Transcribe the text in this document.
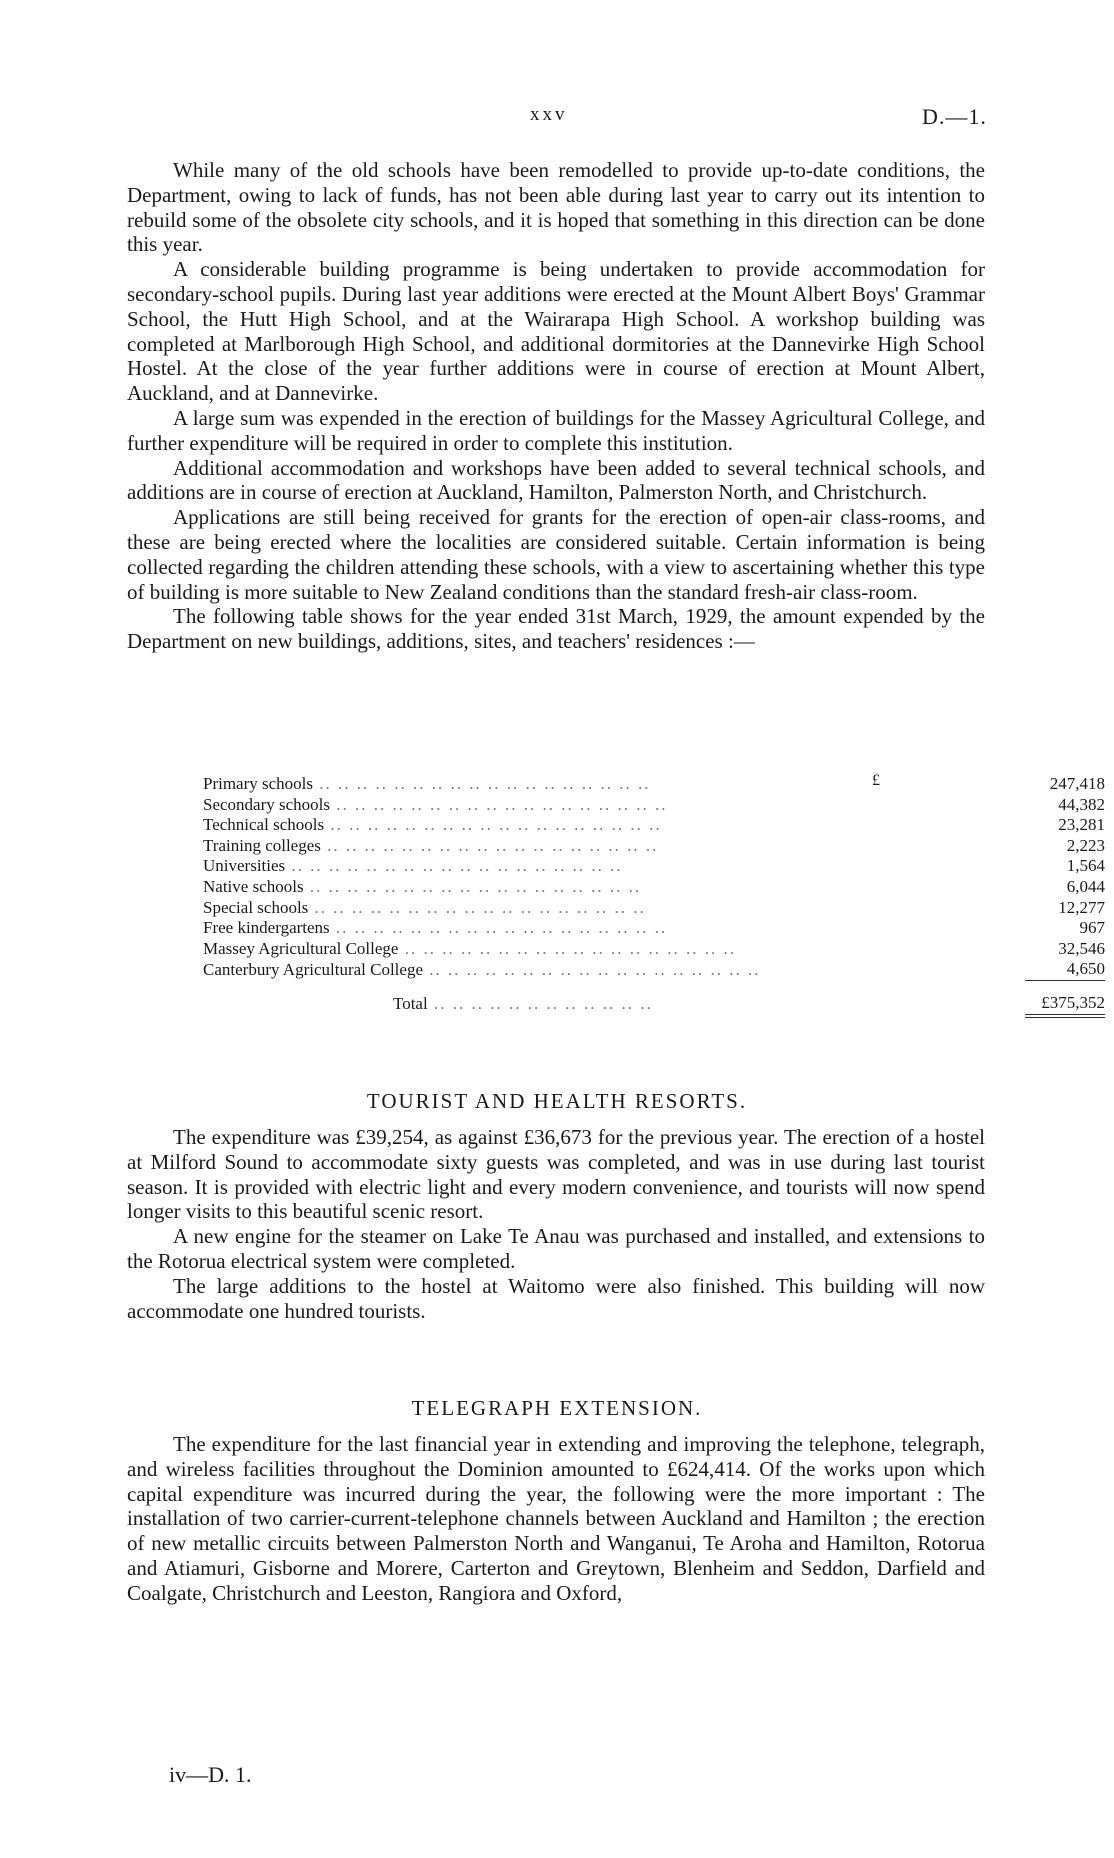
xxv	D.—1.

While many of the old schools have been remodelled to provide up-to-date conditions, the Department, owing to lack of funds, has not been able during last year to carry out its intention to rebuild some of the obsolete city schools, and it is hoped that something in this direction can be done this year.

A considerable building programme is being undertaken to provide accommodation for secondary-school pupils. During last year additions were erected at the Mount Albert Boys' Grammar School, the Hutt High School, and at the Wairarapa High School. A workshop building was completed at Marlborough High School, and additional dormitories at the Dannevirke High School Hostel. At the close of the year further additions were in course of erection at Mount Albert, Auckland, and at Dannevirke.

A large sum was expended in the erection of buildings for the Massey Agricultural College, and further expenditure will be required in order to complete this institution.

Additional accommodation and workshops have been added to several technical schools, and additions are in course of erection at Auckland, Hamilton, Palmerston North, and Christchurch.

Applications are still being received for grants for the erection of open-air class-rooms, and these are being erected where the localities are considered suitable. Certain information is being collected regarding the children attending these schools, with a view to ascertaining whether this type of building is more suitable to New Zealand conditions than the standard fresh-air class-room.

The following table shows for the year ended 31st March, 1929, the amount expended by the Department on new buildings, additions, sites, and teachers' residences :—

£
Primary schools .. .. .. .. .. .. .. .. .. .. .. .. .. .. .. .. .. ..	247,418
Secondary schools .. .. .. .. .. .. .. .. .. .. .. .. .. .. .. .. .. ..	44,382
Technical schools .. .. .. .. .. .. .. .. .. .. .. .. .. .. .. .. .. ..	23,281
Training colleges .. .. .. .. .. .. .. .. .. .. .. .. .. .. .. .. .. ..	2,223
Universities .. .. .. .. .. .. .. .. .. .. .. .. .. .. .. .. .. ..	1,564
Native schools .. .. .. .. .. .. .. .. .. .. .. .. .. .. .. .. .. ..	6,044
Special schools .. .. .. .. .. .. .. .. .. .. .. .. .. .. .. .. .. ..	12,277
Free kindergartens .. .. .. .. .. .. .. .. .. .. .. .. .. .. .. .. .. ..	967
Massey Agricultural College .. .. .. .. .. .. .. .. .. .. .. .. .. .. .. .. .. ..	32,546
Canterbury Agricultural College .. .. .. .. .. .. .. .. .. .. .. .. .. .. .. .. .. ..	4,650
Total .. .. .. .. .. .. .. .. .. .. .. ..	£375,352
TOURIST AND HEALTH RESORTS.

The expenditure was £39,254, as against £36,673 for the previous year. The erection of a hostel at Milford Sound to accommodate sixty guests was completed, and was in use during last tourist season. It is provided with electric light and every modern convenience, and tourists will now spend longer visits to this beautiful scenic resort.

A new engine for the steamer on Lake Te Anau was purchased and installed, and extensions to the Rotorua electrical system were completed.

The large additions to the hostel at Waitomo were also finished. This building will now accommodate one hundred tourists.

TELEGRAPH EXTENSION.

The expenditure for the last financial year in extending and improving the telephone, telegraph, and wireless facilities throughout the Dominion amounted to £624,414. Of the works upon which capital expenditure was incurred during the year, the following were the more important : The installation of two carrier-current-telephone channels between Auckland and Hamilton ; the erection of new metallic circuits between Palmerston North and Wanganui, Te Aroha and Hamilton, Rotorua and Atiamuri, Gisborne and Morere, Carterton and Greytown, Blenheim and Seddon, Darfield and Coalgate, Christchurch and Leeston, Rangiora and Oxford,

iv—D. 1.
